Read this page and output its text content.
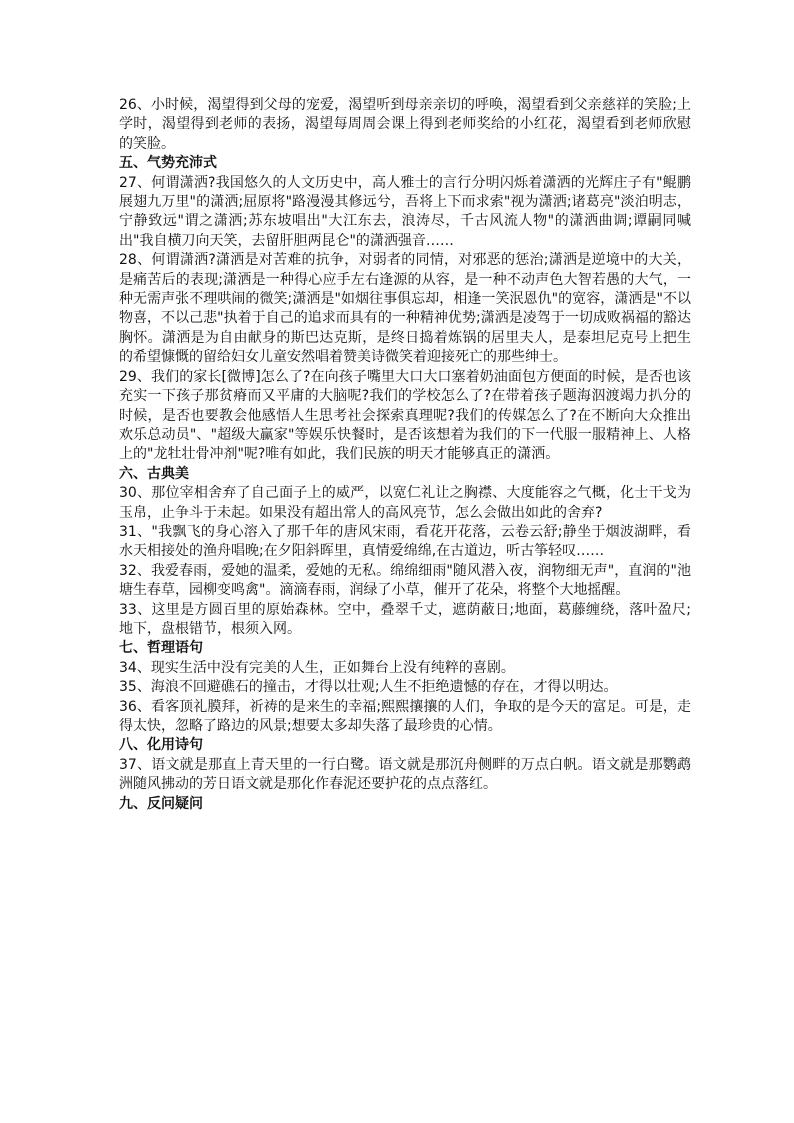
26、小时候，渴望得到父母的宠爱，渴望听到母亲亲切的呼唤，渴望看到父亲慈祥的笑脸;上学时，渴望得到老师的表扬，渴望每周周会课上得到老师奖给的小红花，渴望看到老师欣慰的笑脸。

五、气势充沛式

27、何谓潇洒?我国悠久的人文历史中，高人雅士的言行分明闪烁着潇洒的光辉庄子有"鲲鹏展翅九万里"的潇洒;屈原将"路漫漫其修远兮，吾将上下而求索"视为潇洒;诸葛亮"淡泊明志，宁静致远"谓之潇洒;苏东坡唱出"大江东去，浪涛尽，千古风流人物"的潇洒曲调;谭嗣同喊出"我自横刀向天笑，去留肝胆两昆仑"的潇洒强音……

28、何谓潇洒?潇洒是对苦难的抗争，对弱者的同情，对邪恶的惩治;潇洒是逆境中的大关，是痛苦后的表现;潇洒是一种得心应手左右逢源的从容，是一种不动声色大智若愚的大气，一种无需声张不理哄闹的微笑;潇洒是"如烟往事俱忘却，相逢一笑泯恩仇"的宽容，潇洒是"不以物喜，不以己悲"执着于自己的追求而具有的一种精神优势;潇洒是凌驾于一切成败祸福的豁达胸怀。潇洒是为自由献身的斯巴达克斯，是终日捣着炼锅的居里夫人，是泰坦尼克号上把生的希望慷慨的留给妇女儿童安然唱着赞美诗微笑着迎接死亡的那些绅士。

29、我们的家长[微博]怎么了?在向孩子嘴里大口大口塞着奶油面包方便面的时候，是否也该充实一下孩子那贫瘠而又平庸的大脑呢?我们的学校怎么了?在带着孩子题海泅渡竭力扒分的时候，是否也要教会他感悟人生思考社会探索真理呢?我们的传媒怎么了?在不断向大众推出欢乐总动员"、"超级大赢家"等娱乐快餐时，是否该想着为我们的下一代服一服精神上、人格上的"龙牡壮骨冲剂"呢?唯有如此，我们民族的明天才能够真正的潇洒。

六、古典美

30、那位宰相舍弃了自己面子上的威严，以宽仁礼让之胸襟、大度能容之气概，化士干戈为玉帛，止争斗于未起。如果没有超出常人的高风亮节，怎么会做出如此的舍弃?

31、"我飘飞的身心溶入了那千年的唐风宋雨，看花开花落，云卷云舒;静坐于烟波湖畔，看水天相接处的渔舟唱晚;在夕阳斜晖里，真情爱绵绵,在古道边，听古筝轻叹……

32、我爱春雨，爱她的温柔，爱她的无私。绵绵细雨"随风潜入夜，润物细无声"，直润的"池塘生春草，园柳变鸣禽"。滴滴春雨，润绿了小草，催开了花朵，将整个大地摇醒。

33、这里是方圆百里的原始森林。空中，叠翠千丈，遮荫蔽日;地面，葛藤缠绕，落叶盈尺;地下，盘根错节，根须入网。

七、哲理语句

34、现实生活中没有完美的人生，正如舞台上没有纯粹的喜剧。

35、海浪不回避礁石的撞击，才得以壮观;人生不拒绝遗憾的存在，才得以明达。

36、看客顶礼膜拜，祈祷的是来生的幸福;熙熙攘攘的人们，争取的是今天的富足。可是，走得太快，忽略了路边的风景;想要太多却失落了最珍贵的心情。

八、化用诗句

37、语文就是那直上青天里的一行白鹭。语文就是那沉舟侧畔的万点白帆。语文就是那鹦鹉洲随风拂动的芳日语文就是那化作春泥还要护花的点点落红。

九、反问疑问
